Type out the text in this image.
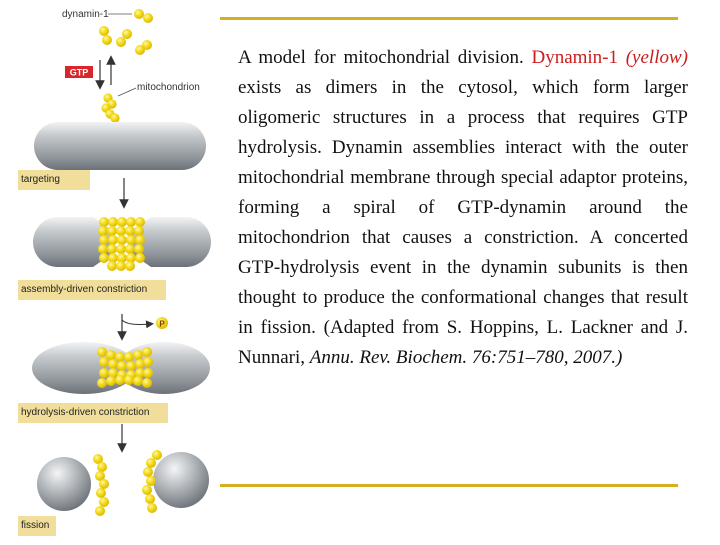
dynamin-1
GTP
mitochondrion
P
targeting
assembly-driven constriction
hydrolysis-driven constriction
fission
A model for mitochondrial division. Dynamin-1 (yellow) exists as dimers in the cytosol, which form larger oligomeric structures in a process that requires GTP hydrolysis. Dynamin assemblies interact with the outer mitochondrial membrane through special adaptor proteins, forming a spiral of GTP-dynamin around the mitochondrion that causes a constriction. A concerted GTP-hydrolysis event in the dynamin subunits is then thought to produce the conformational changes that result in fission. (Adapted from S. Hoppins, L. Lackner and J. Nunnari, Annu. Rev. Biochem. 76:751–780, 2007.)
